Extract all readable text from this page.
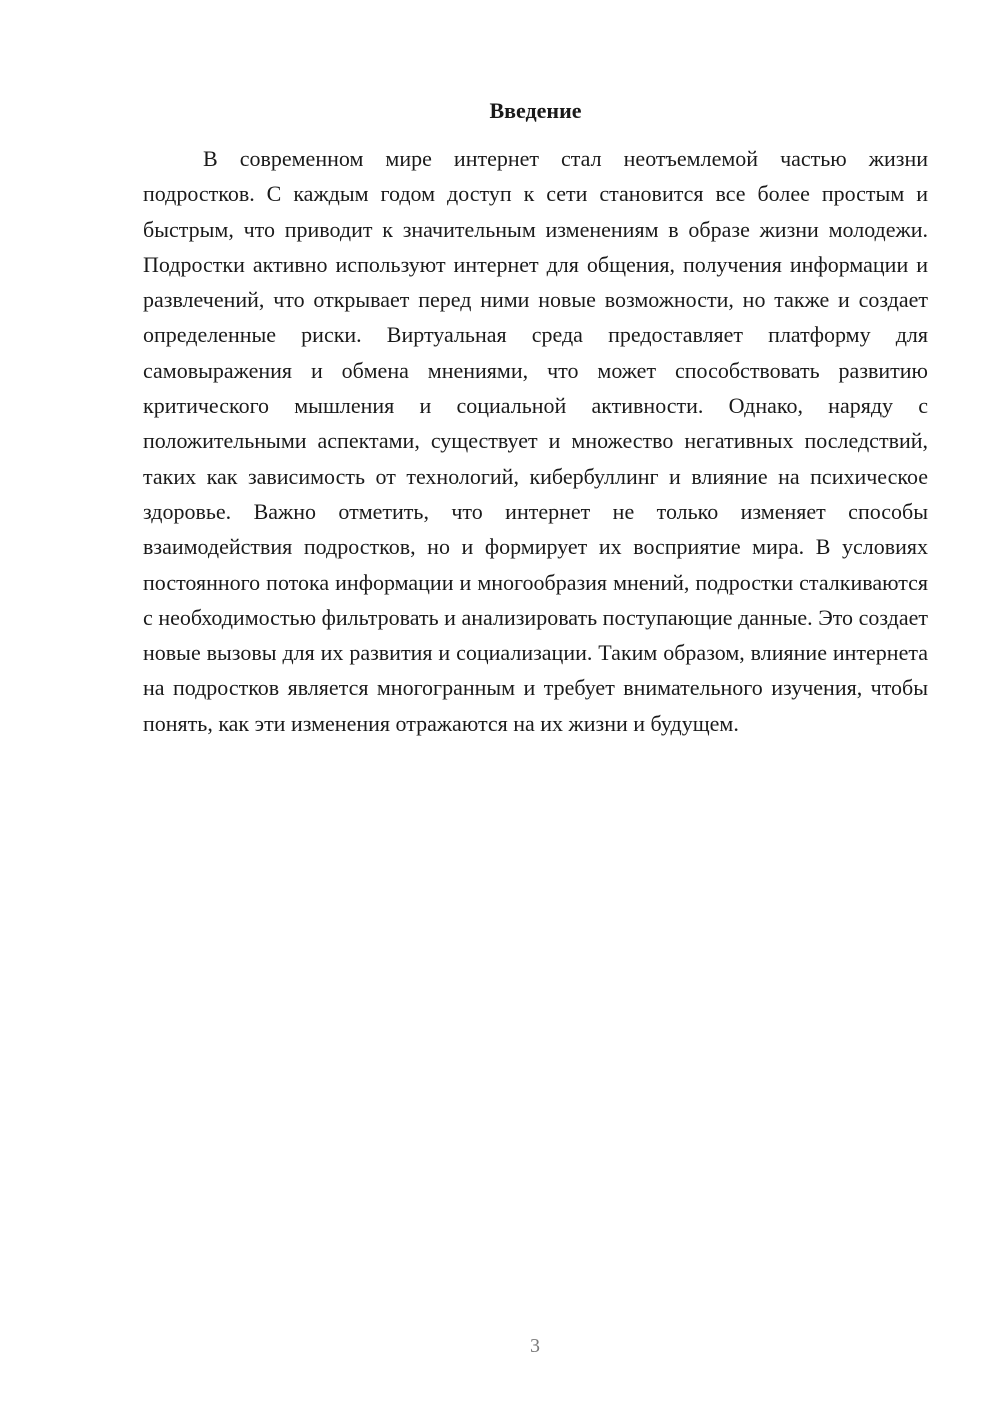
Введение

В современном мире интернет стал неотъемлемой частью жизни подростков. С каждым годом доступ к сети становится все более простым и быстрым, что приводит к значительным изменениям в образе жизни молодежи. Подростки активно используют интернет для общения, получения информации и развлечений, что открывает перед ними новые возможности, но также и создает определенные риски. Виртуальная среда предоставляет платформу для самовыражения и обмена мнениями, что может способствовать развитию критического мышления и социальной активности. Однако, наряду с положительными аспектами, существует и множество негативных последствий, таких как зависимость от технологий, кибербуллинг и влияние на психическое здоровье. Важно отметить, что интернет не только изменяет способы взаимодействия подростков, но и формирует их восприятие мира. В условиях постоянного потока информации и многообразия мнений, подростки сталкиваются с необходимостью фильтровать и анализировать поступающие данные. Это создает новые вызовы для их развития и социализации. Таким образом, влияние интернета на подростков является многогранным и требует внимательного изучения, чтобы понять, как эти изменения отражаются на их жизни и будущем.

3
